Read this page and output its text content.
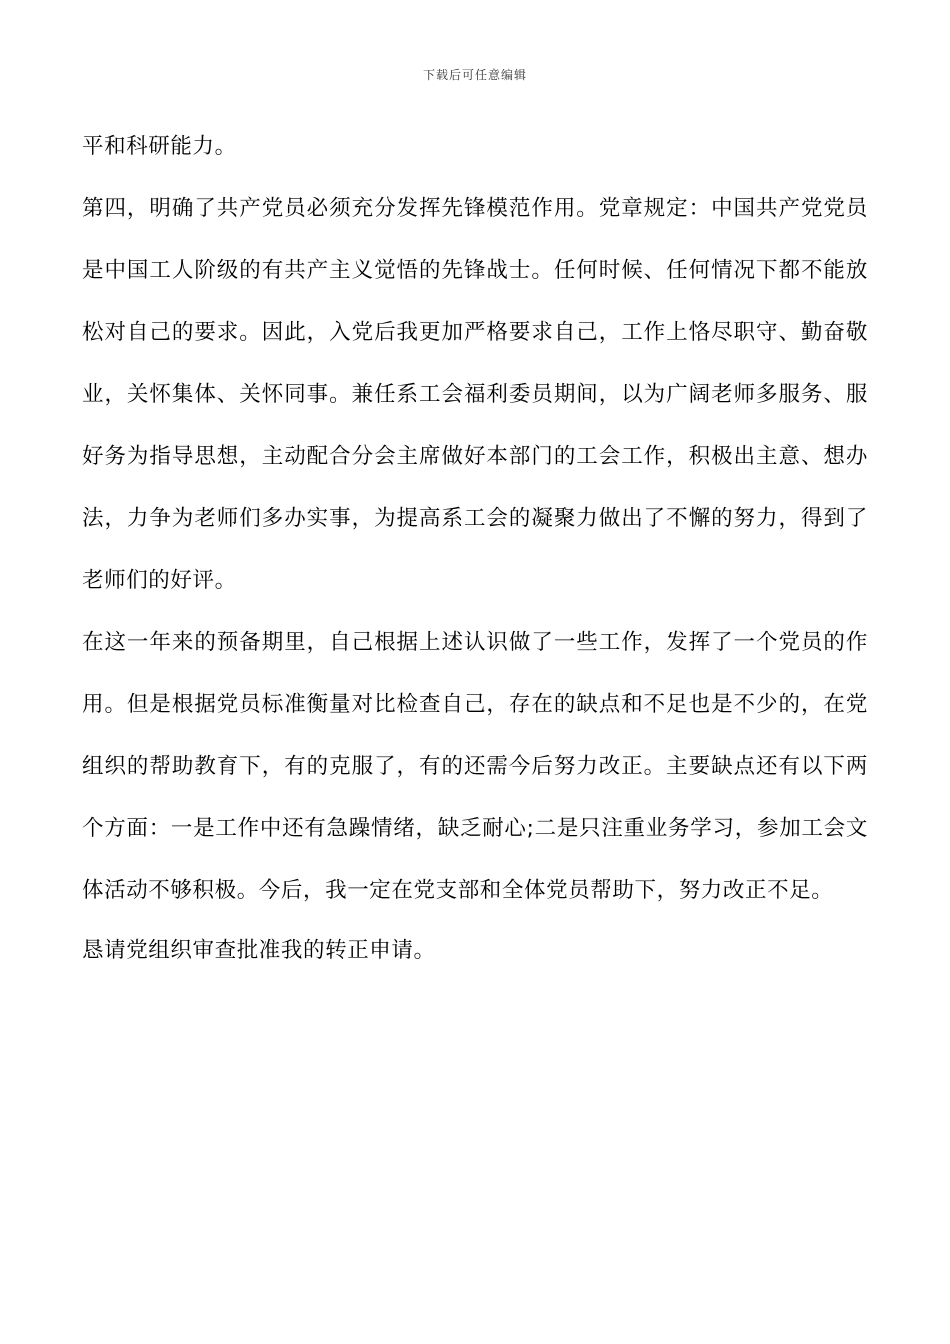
下载后可任意编辑

平和科研能力。

第四，明确了共产党员必须充分发挥先锋模范作用。党章规定：中国共产党党员是中国工人阶级的有共产主义觉悟的先锋战士。任何时候、任何情况下都不能放松对自己的要求。因此，入党后我更加严格要求自己，工作上恪尽职守、勤奋敬业，关怀集体、关怀同事。兼任系工会福利委员期间，以为广阔老师多服务、服好务为指导思想，主动配合分会主席做好本部门的工会工作，积极出主意、想办法，力争为老师们多办实事，为提高系工会的凝聚力做出了不懈的努力，得到了老师们的好评。

在这一年来的预备期里，自己根据上述认识做了一些工作，发挥了一个党员的作用。但是根据党员标准衡量对比检查自己，存在的缺点和不足也是不少的，在党组织的帮助教育下，有的克服了，有的还需今后努力改正。主要缺点还有以下两个方面：一是工作中还有急躁情绪，缺乏耐心;二是只注重业务学习，参加工会文体活动不够积极。今后，我一定在党支部和全体党员帮助下，努力改正不足。

恳请党组织审查批准我的转正申请。
